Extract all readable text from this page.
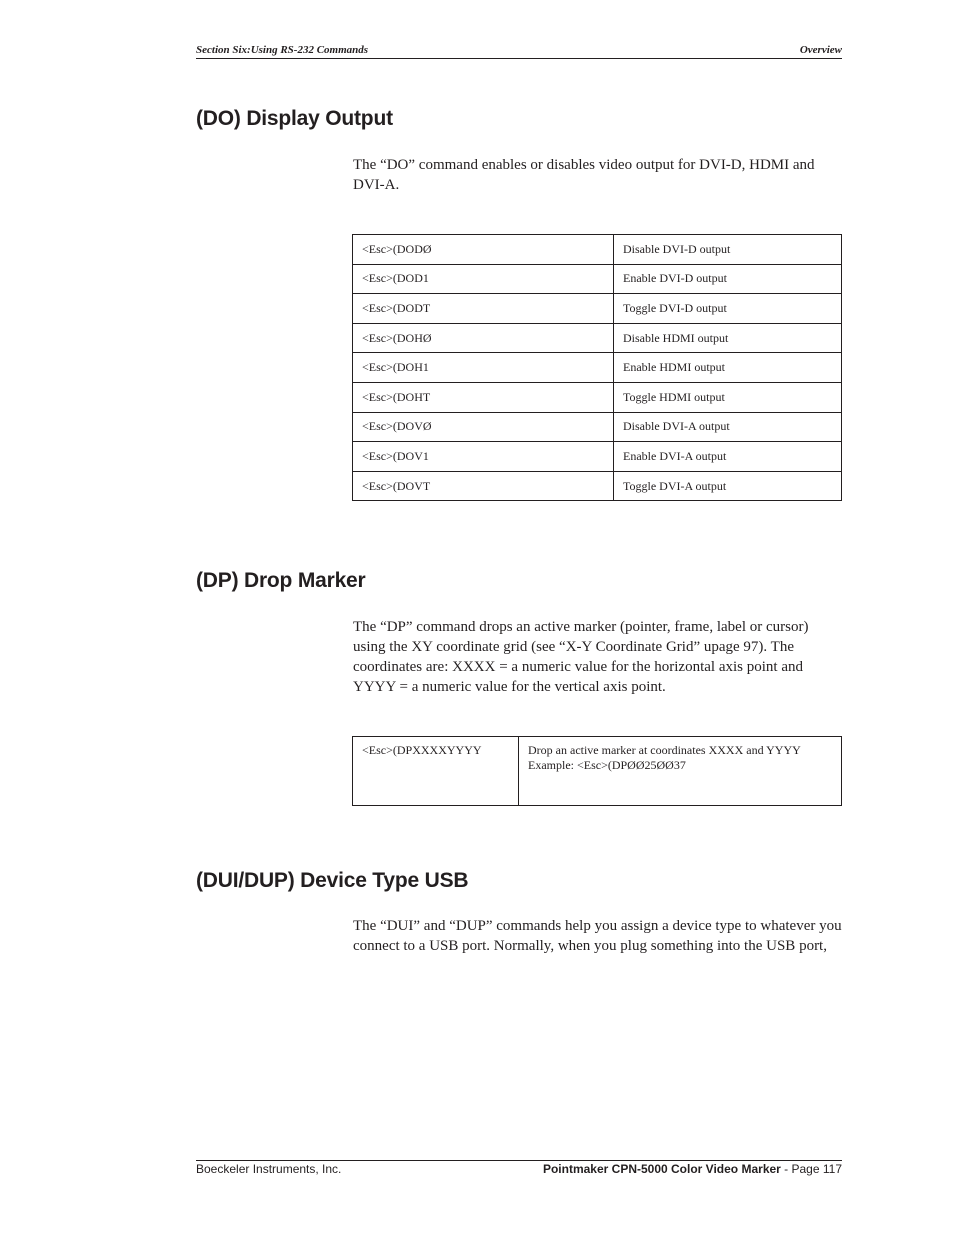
Section Six:Using RS-232 Commands	Overview
(DO) Display Output

The “DO” command enables or disables video output for DVI-D, HDMI and DVI-A.

<Esc>(DODØ	Disable DVI-D output
<Esc>(DOD1	Enable DVI-D output
<Esc>(DODT	Toggle DVI-D output
<Esc>(DOHØ	Disable HDMI output
<Esc>(DOH1	Enable HDMI output
<Esc>(DOHT	Toggle HDMI output
<Esc>(DOVØ	Disable DVI-A output
<Esc>(DOV1	Enable DVI-A output
<Esc>(DOVT	Toggle DVI-A output
(DP) Drop Marker

The “DP” command drops an active marker (pointer, frame, label or cursor) using the XY coordinate grid (see “X-Y Coordinate Grid” upage 97). The coordinates are: XXXX = a numeric value for the horizontal axis point and YYYY = a numeric value for the vertical axis point.

<Esc>(DPXXXXYYYY	Drop an active marker at coordinates XXXX and YYYY
Example: <Esc>(DPØØ25ØØ37
(DUI/DUP) Device Type USB

The “DUI” and “DUP” commands help you assign a device type to whatever you connect to a USB port. Normally, when you plug something into the USB port,

Boeckeler Instruments, Inc.	Pointmaker CPN-5000 Color Video Marker - Page 117
